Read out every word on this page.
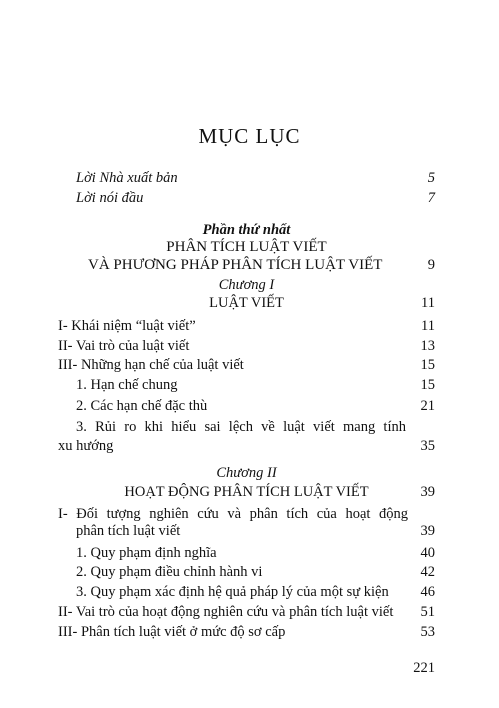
MỤC LỤC
Lời Nhà xuất bản	5
Lời nói đầu	7
Phần thứ nhất
PHÂN TÍCH LUẬT VIẾT
VÀ PHƯƠNG PHÁP PHÂN TÍCH LUẬT VIẾT	9
Chương I
LUẬT VIẾT	11
I- Khái niệm “luật viết”	11
II- Vai trò của luật viết	13
III- Những hạn chế của luật viết	15
1. Hạn chế chung	15
2. Các hạn chế đặc thù	21
3. Rủi ro khi hiểu sai lệch về luật viết mang tính
xu hướng	35
Chương II
HOẠT ĐỘNG PHÂN TÍCH LUẬT VIẾT	39
I- Đối tượng nghiên cứu và phân tích của hoạt động
phân tích luật viết	39
1. Quy phạm định nghĩa	40
2. Quy phạm điều chỉnh hành vi	42
3. Quy phạm xác định hệ quả pháp lý của một sự kiện 46
II- Vai trò của hoạt động nghiên cứu và phân tích luật viết 51
III- Phân tích luật viết ở mức độ sơ cấp	53
221
